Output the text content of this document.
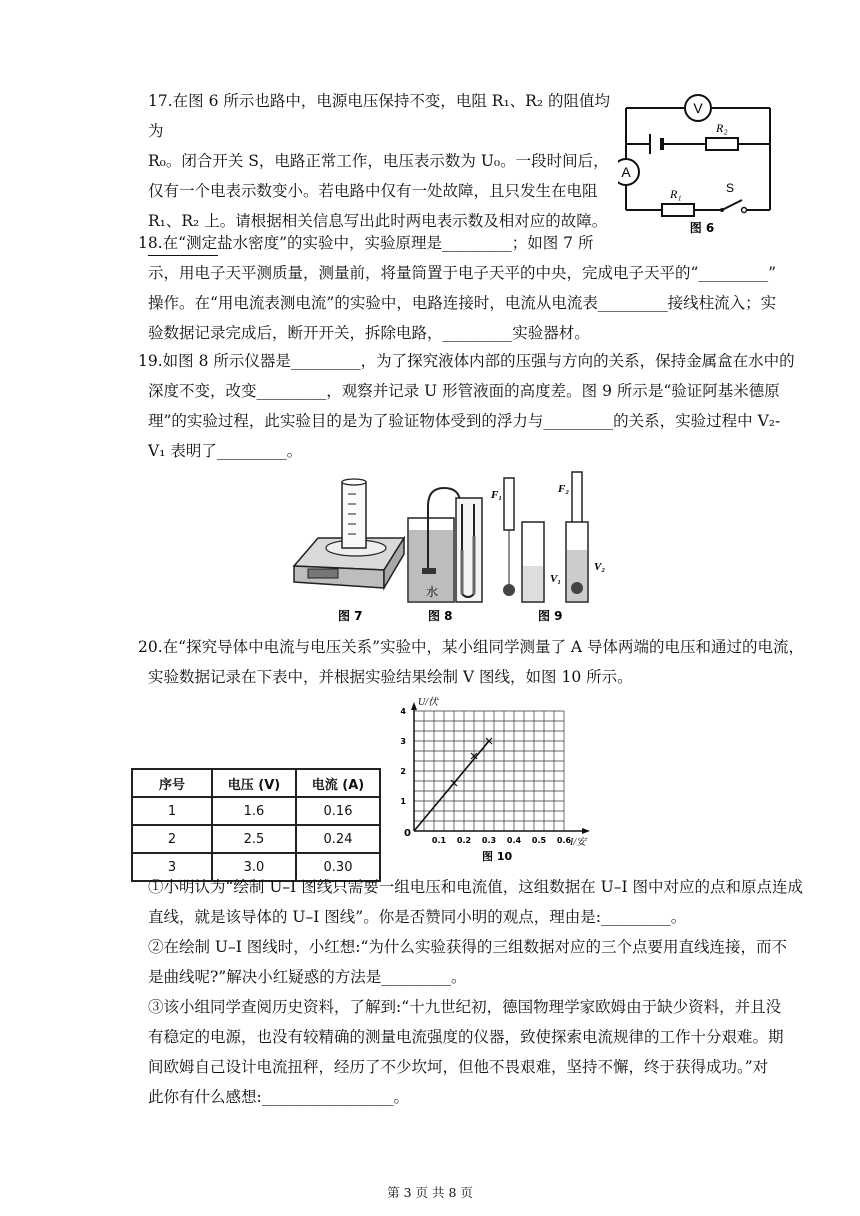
17.在图 6 所示也路中，电源电压保持不变，电阻 R₁、R₂ 的阻值均为

R₀。闭合开关 S，电路正常工作，电压表示数为 U₀。一段时间后，

仅有一个电表示数变小。若电路中仅有一处故障，且只发生在电阻

R₁、R₂ 上。请根据相关信息写出此时两电表示数及相对应的故障。

V
A
R₂
R₁	S
图 6

18.在“测定盐水密度”的实验中，实验原理是_________；如图 7 所

示，用电子天平测质量，测量前，将量筒置于电子天平的中央，完成电子天平的“_________”

操作。在“用电流表测电流”的实验中，电路连接时，电流从电流表_________接线柱流入；实

验数据记录完成后，断开开关，拆除电路，_________实验器材。

19.如图 8 所示仪器是_________，为了探究液体内部的压强与方向的关系，保持金属盒在水中的

深度不变，改变_________，观察并记录 U 形管液面的高度差。图 9 所示是“验证阿基米德原

理”的实验过程，此实验目的是为了验证物体受到的浮力与_________的关系，实验过程中 V₂-

V₁ 表明了_________。

图 7
水
图 8
F₁	F₂
V₁
V₂
图 9

20.在“探究导体中电流与电压关系”实验中，某小组同学测量了 A 导体两端的电压和通过的电流，

实验数据记录在下表中，并根据实验结果绘制 V 图线，如图 10 所示。

序号	电压 (V)	电流 (A)
1	1.6	0.16
2	2.5	0.24
3	3.0	0.30
U/伏
I/安
0
0.1 0.2 0.3 0.4 0.5 0.6
1
2
3
4
图 10

①小明认为“绘制 U–I 图线只需要一组电压和电流值，这组数据在 U–I 图中对应的点和原点连成

直线，就是该导体的 U–I 图线”。你是否赞同小明的观点，理由是:_________。

②在绘制 U–I 图线时，小红想:“为什么实验获得的三组数据对应的三个点要用直线连接，而不

是曲线呢?”解决小红疑惑的方法是_________。

③该小组同学查阅历史资料，了解到:“十九世纪初，德国物理学家欧姆由于缺少资料，并且没

有稳定的电源，也没有较精确的测量电流强度的仪器，致使探索电流规律的工作十分艰难。期

间欧姆自己设计电流扭秤，经历了不少坎坷，但他不畏艰难，坚持不懈，终于获得成功。”对

此你有什么感想:_________________。

第 3 页 共 8 页
